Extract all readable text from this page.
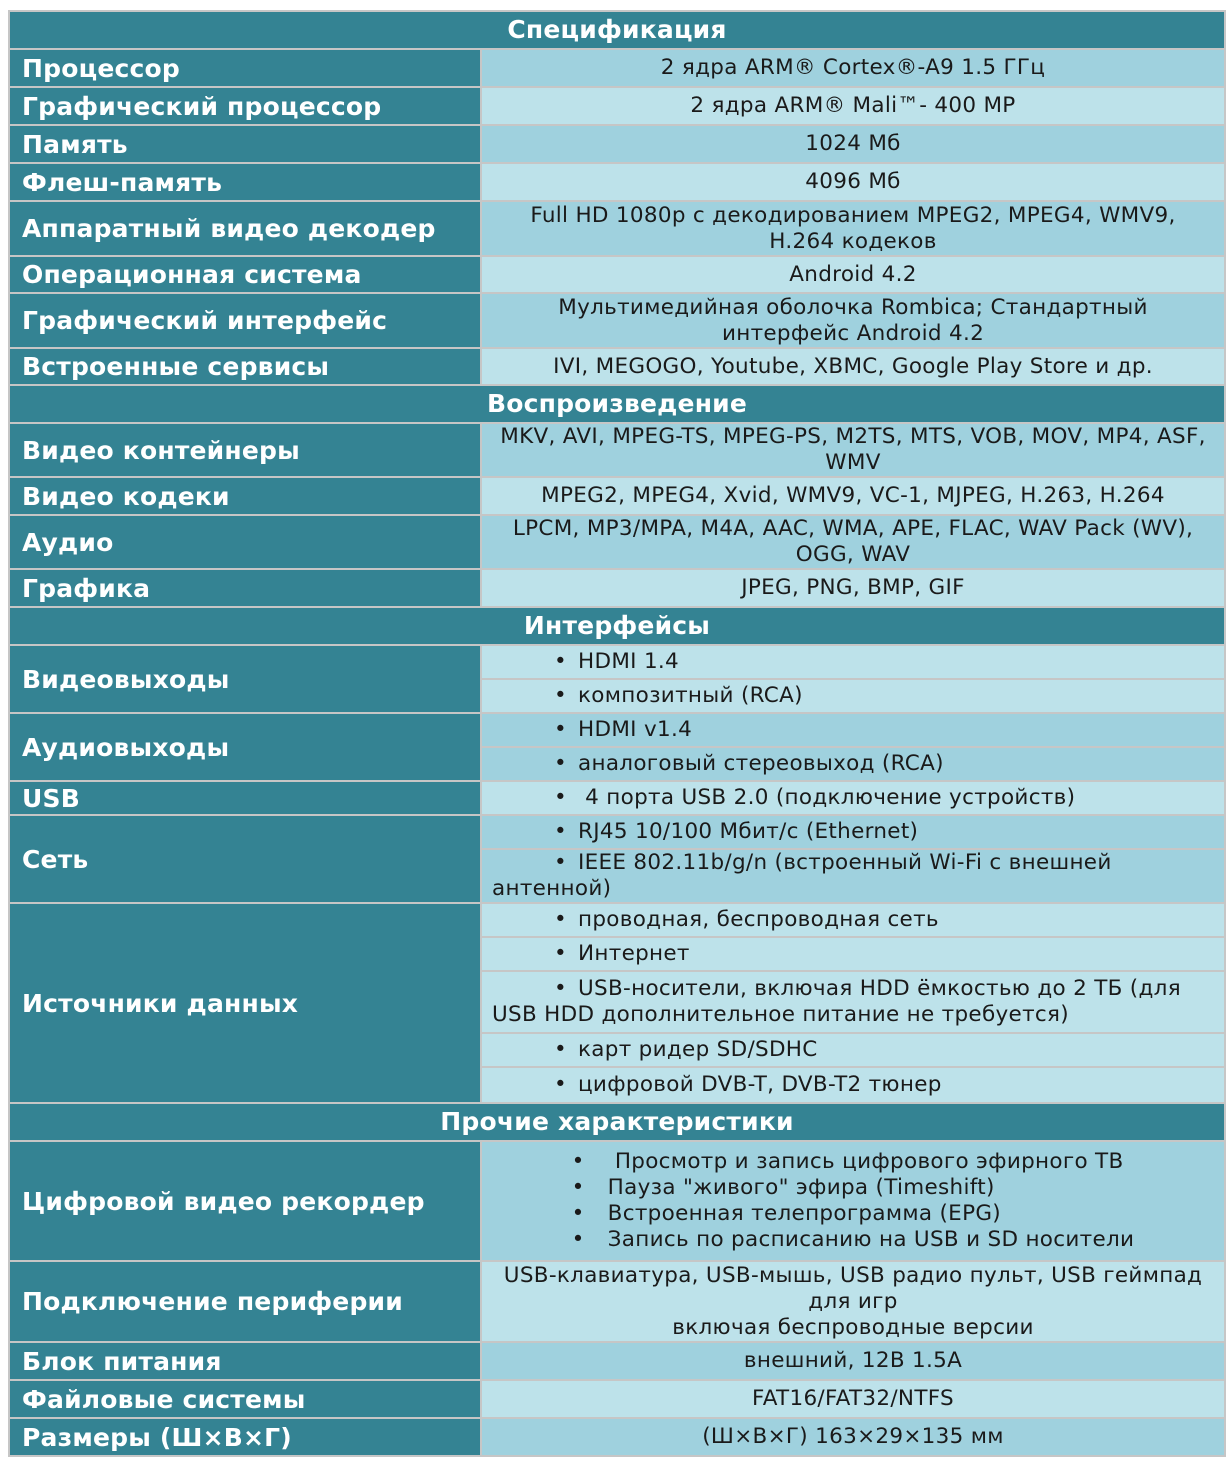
Спецификация	
Процессор	2 ядра ARM® Cortex®-A9 1.5 ГГц
Графический процессор	2 ядра ARM® Mali™- 400 MP
Память	1024 Мб
Флеш-память	4096 Мб
Аппаратный видео декодер	Full HD 1080p с декодированием MPEG2, MPEG4, WMV9, H.264 кодеков
Операционная система	Android 4.2
Графический интерфейс	Мультимедийная оболочка Rombica; Стандартный интерфейс Android 4.2
Встроенные сервисы	IVI, MEGOGO, Youtube, XBMC, Google Play Store и др.
Воспроизведение	
Видео контейнеры	MKV, AVI, MPEG-TS, MPEG-PS, M2TS, MTS, VOB, MOV, MP4, ASF, WMV
Видео кодеки	MPEG2, MPEG4, Xvid, WMV9, VC-1, MJPEG, H.263, H.264
Аудио	LPCM, MP3/MPA, M4A, AAC, WMA, APE, FLAC, WAV Pack (WV), OGG, WAV
Графика	JPEG, PNG, BMP, GIF
Интерфейсы	
Видеовыходы	• HDMI 1.4
	• композитный (RCA)
Аудиовыходы	• HDMI v1.4
	• аналоговый стереовыход (RCA)
USB	• 4 порта USB 2.0 (подключение устройств)
Сеть	• RJ45 10/100 Мбит/с (Ethernet)
	• IEEE 802.11b/g/n (встроенный Wi-Fi с внешней антенной)
Источники данных	• проводная, беспроводная сеть
	• Интернет
	• USB-носители, включая HDD ёмкостью до 2 ТБ (для USB HDD дополнительное питание не требуется)
	• карт ридер SD/SDHC
	• цифровой DVB-T, DVB-T2 тюнер
Прочие характеристики	
Цифровой видео рекордер	• Просмотр и запись цифрового эфирного ТВ
• Пауза "живого" эфира (Timeshift)
• Встроенная телепрограмма (EPG)
• Запись по расписанию на USB и SD носители

Подключение периферии	USB-клавиатура, USB-мышь, USB радио пульт, USB геймпад для игр
включая беспроводные версии

Блок питания	внешний, 12В 1.5А
Файловые системы	FAT16/FAT32/NTFS
Размеры (Ш×В×Г)	(Ш×В×Г) 163×29×135 мм
